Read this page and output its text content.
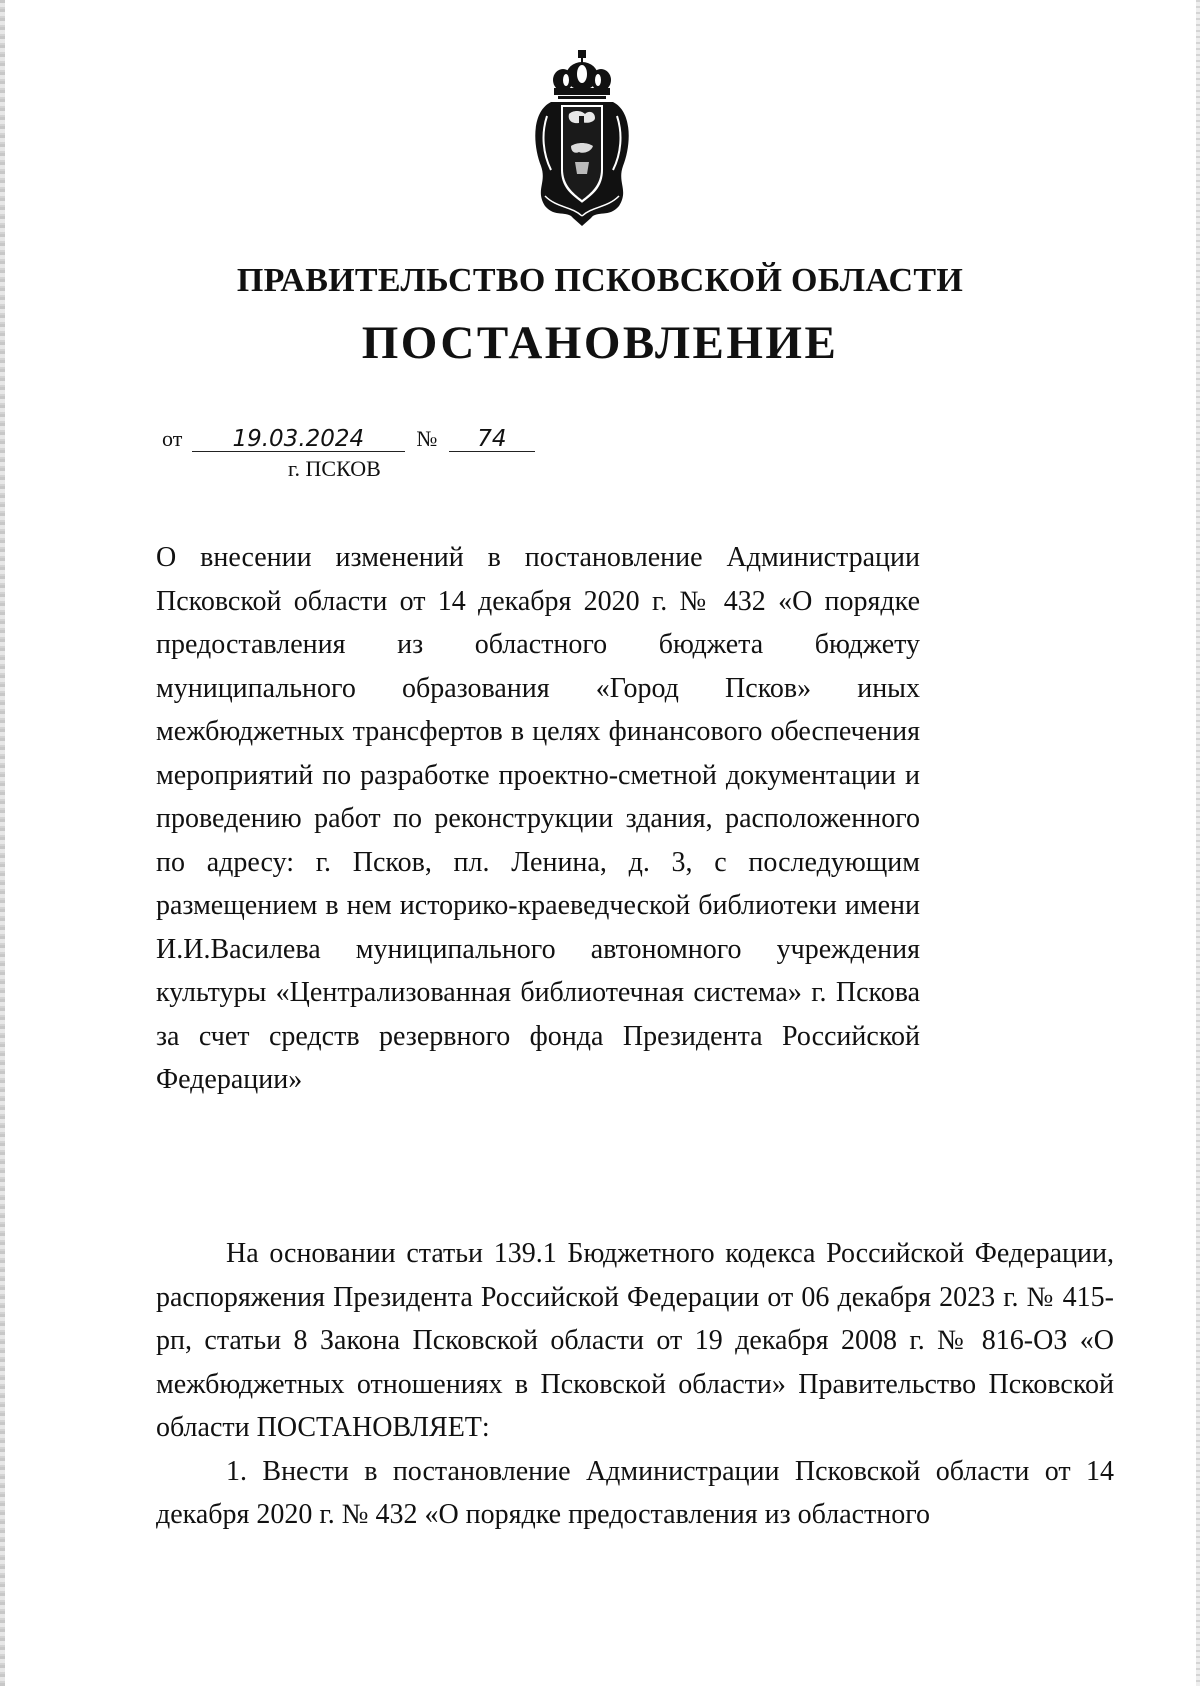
ПРАВИТЕЛЬСТВО ПСКОВСКОЙ ОБЛАСТИ
ПОСТАНОВЛЕНИЕ
от 19.03.2024 № 74
г. ПСКОВ
О внесении изменений в постановление Администрации Псковской области от 14 декабря 2020 г. № 432 «О порядке предоставления из областного бюджета бюджету муниципального образования «Город Псков» иных межбюджетных трансфертов в целях финансового обеспечения мероприятий по разработке проектно-сметной документации и проведению работ по реконструкции здания, расположенного по адресу: г. Псков, пл. Ленина, д. 3, с последующим размещением в нем историко-краеведческой библиотеки имени И.И.Василева муниципального автономного учреждения культуры «Централизованная библиотечная система» г. Пскова за счет средств резервного фонда Президента Российской Федерации»

На основании статьи 139.1 Бюджетного кодекса Российской Федерации, распоряжения Президента Российской Федерации от 06 декабря 2023 г. № 415-рп, статьи 8 Закона Псковской области от 19 декабря 2008 г. № 816-ОЗ «О межбюджетных отношениях в Псковской области» Правительство Псковской области ПОСТАНОВЛЯЕТ:

1. Внести в постановление Администрации Псковской области от 14 декабря 2020 г. № 432 «О порядке предоставления из областного
